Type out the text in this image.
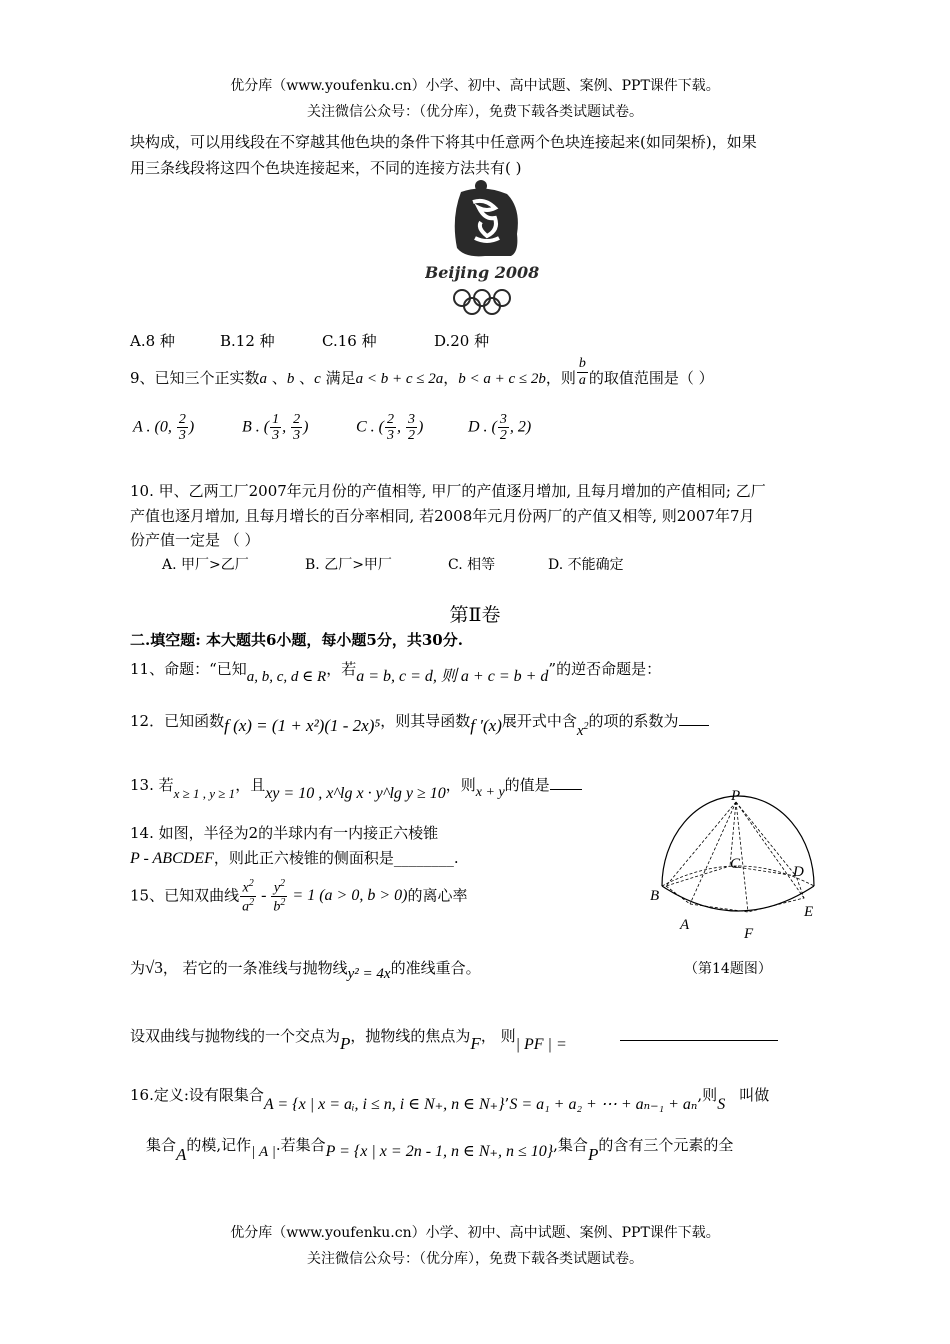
优分库（www.youfenku.cn）小学、初中、高中试题、案例、PPT课件下载。
关注微信公众号：（优分库），免费下载各类试题试卷。
块构成，可以用线段在不穿越其他色块的条件下将其中任意两个色块连接起来(如同架桥)，如果
用三条线段将这四个色块连接起来，不同的连接方法共有( )
Beijing 2008
A.8 种	B.12 种	C.16 种	D.20 种
9、已知三个正实数a 、b 、c 满足a < b + c ≤ 2a，b < a + c ≤ 2b，则 $\frac{b}{a}$ 的取值范围是（ ）
A . (0, $\frac{2}{3}$ )	B . ( $\frac{1}{3}$ , $\frac{2}{3}$ )	C . ( $\frac{2}{3}$ , $\frac{3}{2}$ )	D . ( $\frac{3}{2}$ , 2)
10. 甲、乙两工厂2007年元月份的产值相等, 甲厂的产值逐月增加, 且每月增加的产值相同; 乙厂
产值也逐月增加, 且每月增长的百分率相同, 若2008年元月份两厂的产值又相等, 则2007年7月
份产值一定是 （ ）
A. 甲厂>乙厂	B. 乙厂>甲厂	C. 相等	D. 不能确定
第Ⅱ卷
二.填空题: 本大题共6小题，每小题5分，共30分.
11、命题：“已知a, b, c, d ∈ R，若a = b, c = d, 则 a + c = b + d”的逆否命题是：
12．已知函数f (x) = (1 + x²)(1 - 2x)⁵，则其导函数f ′(x)展开式中含$x^2$的项的系数为
13. 若x ≥ 1 , y ≥ 1，且xy = 10 , x^lg x · y^lg y ≥ 10，则x + y的值是
14. 如图，半径为2的半球内有一内接正六棱锥
P - ABCDEF，则此正六棱锥的侧面积是________.
P
C	D
B
E
A
F
（第14题图）
15、已知双曲线 $\frac{x^2}{a^2} - \frac{y^2}{b^2} = 1$ (a > 0, b > 0)的离心率
为√3， 若它的一条准线与抛物线y² = 4x的准线重合。
设双曲线与抛物线的一个交点为P，抛物线的焦点为F， 则| PF | =
16.定义:设有限集合A = {x | x = aᵢ, i ≤ n, i ∈ N₊, n ∈ N₊}’S = a₁ + a₂ + ⋯ + aₙ₋₁ + aₙ,则S叫做
集合A的模,记作| A |.若集合P = {x | x = 2n - 1, n ∈ N₊, n ≤ 10},集合P的含有三个元素的全
优分库（www.youfenku.cn）小学、初中、高中试题、案例、PPT课件下载。
关注微信公众号：（优分库），免费下载各类试题试卷。
